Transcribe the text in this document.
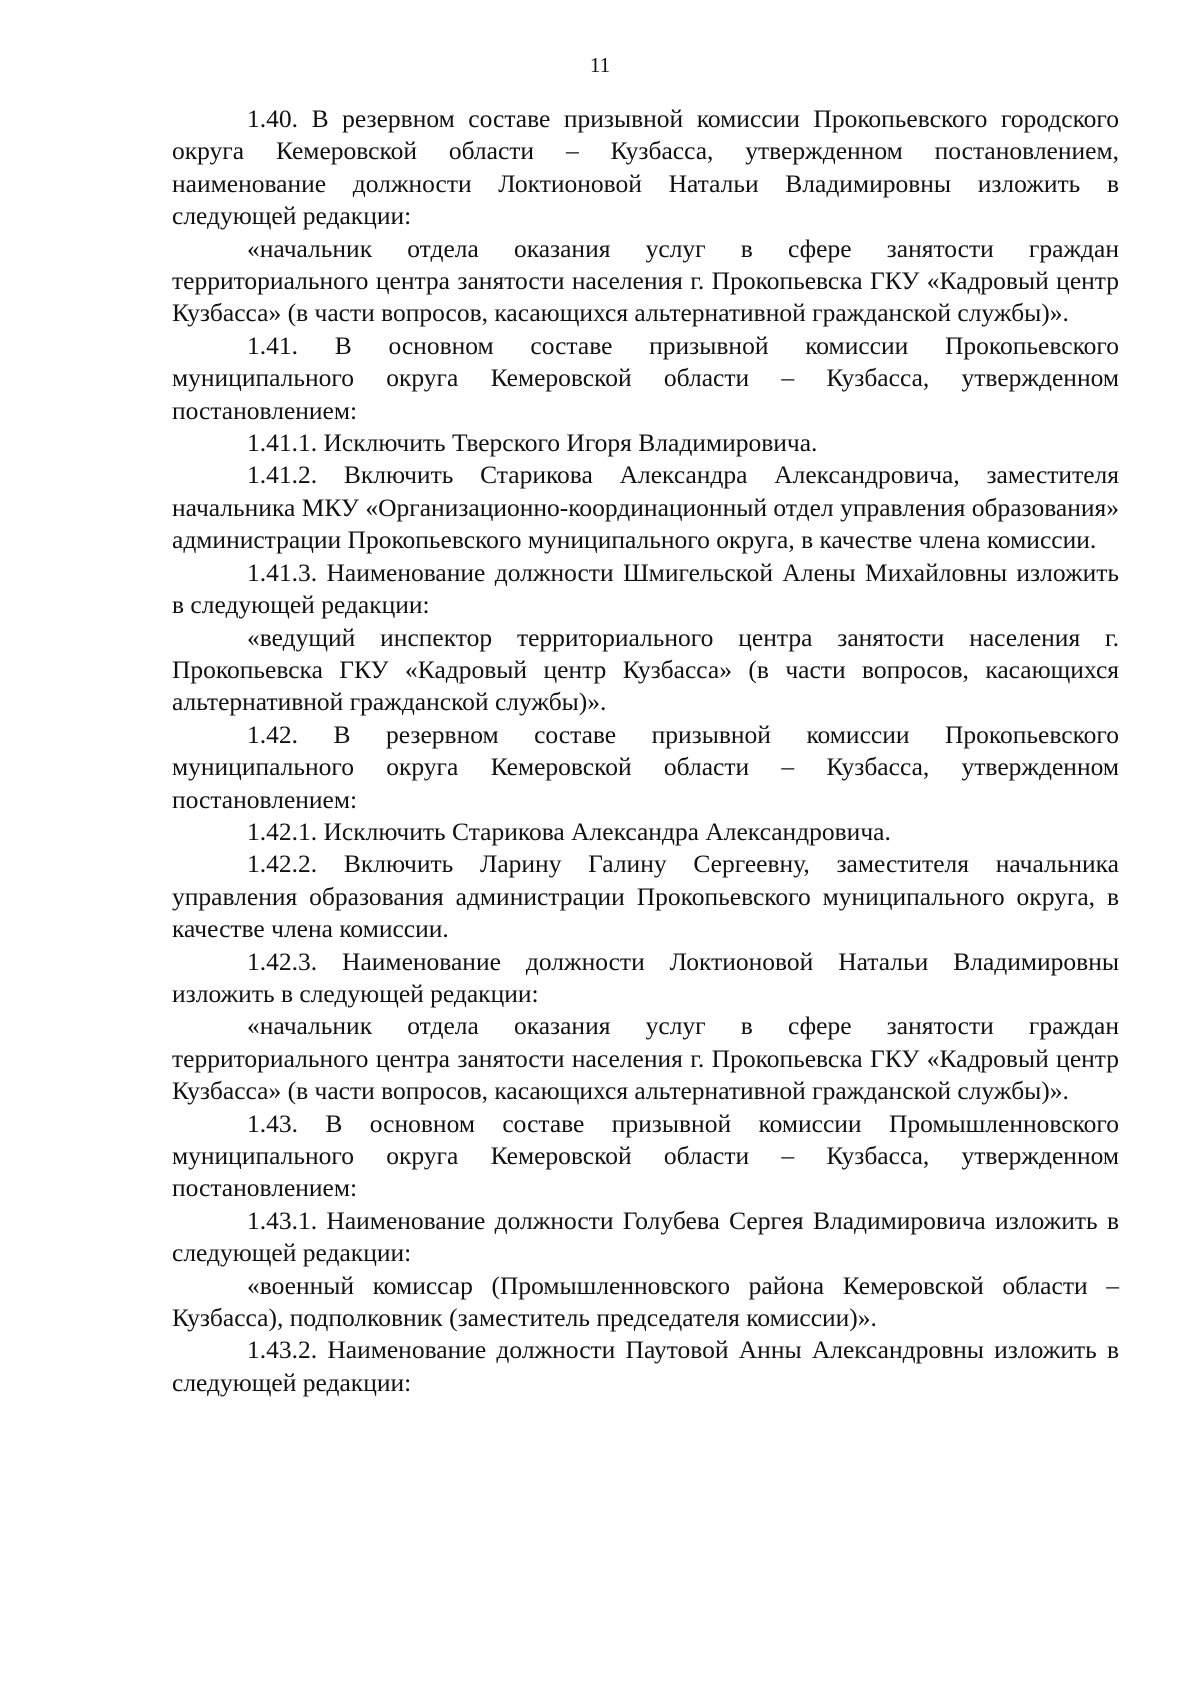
11

1.40. В резервном составе призывной комиссии Прокопьевского городского округа Кемеровской области – Кузбасса, утвержденном постановлением, наименование должности Локтионовой Натальи Владимировны изложить в следующей редакции:

«начальник отдела оказания услуг в сфере занятости граждан территориального центра занятости населения г. Прокопьевска ГКУ «Кадровый центр Кузбасса» (в части вопросов, касающихся альтернативной гражданской службы)».

1.41. В основном составе призывной комиссии Прокопьевского муниципального округа Кемеровской области – Кузбасса, утвержденном постановлением:

1.41.1. Исключить Тверского Игоря Владимировича.

1.41.2. Включить Старикова Александра Александровича, заместителя начальника МКУ «Организационно-координационный отдел управления образования» администрации Прокопьевского муниципального округа, в качестве члена комиссии.

1.41.3. Наименование должности Шмигельской Алены Михайловны изложить в следующей редакции:

«ведущий инспектор территориального центра занятости населения г. Прокопьевска ГКУ «Кадровый центр Кузбасса» (в части вопросов, касающихся альтернативной гражданской службы)».

1.42. В резервном составе призывной комиссии Прокопьевского муниципального округа Кемеровской области – Кузбасса, утвержденном постановлением:

1.42.1. Исключить Старикова Александра Александровича.

1.42.2. Включить Ларину Галину Сергеевну, заместителя начальника управления образования администрации Прокопьевского муниципального округа, в качестве члена комиссии.

1.42.3. Наименование должности Локтионовой Натальи Владимировны изложить в следующей редакции:

«начальник отдела оказания услуг в сфере занятости граждан территориального центра занятости населения г. Прокопьевска ГКУ «Кадровый центр Кузбасса» (в части вопросов, касающихся альтернативной гражданской службы)».

1.43. В основном составе призывной комиссии Промышленновского муниципального округа Кемеровской области – Кузбасса, утвержденном постановлением:

1.43.1. Наименование должности Голубева Сергея Владимировича изложить в следующей редакции:

«военный комиссар (Промышленновского района Кемеровской области – Кузбасса), подполковник (заместитель председателя комиссии)».

1.43.2. Наименование должности Паутовой Анны Александровны изложить в следующей редакции:
